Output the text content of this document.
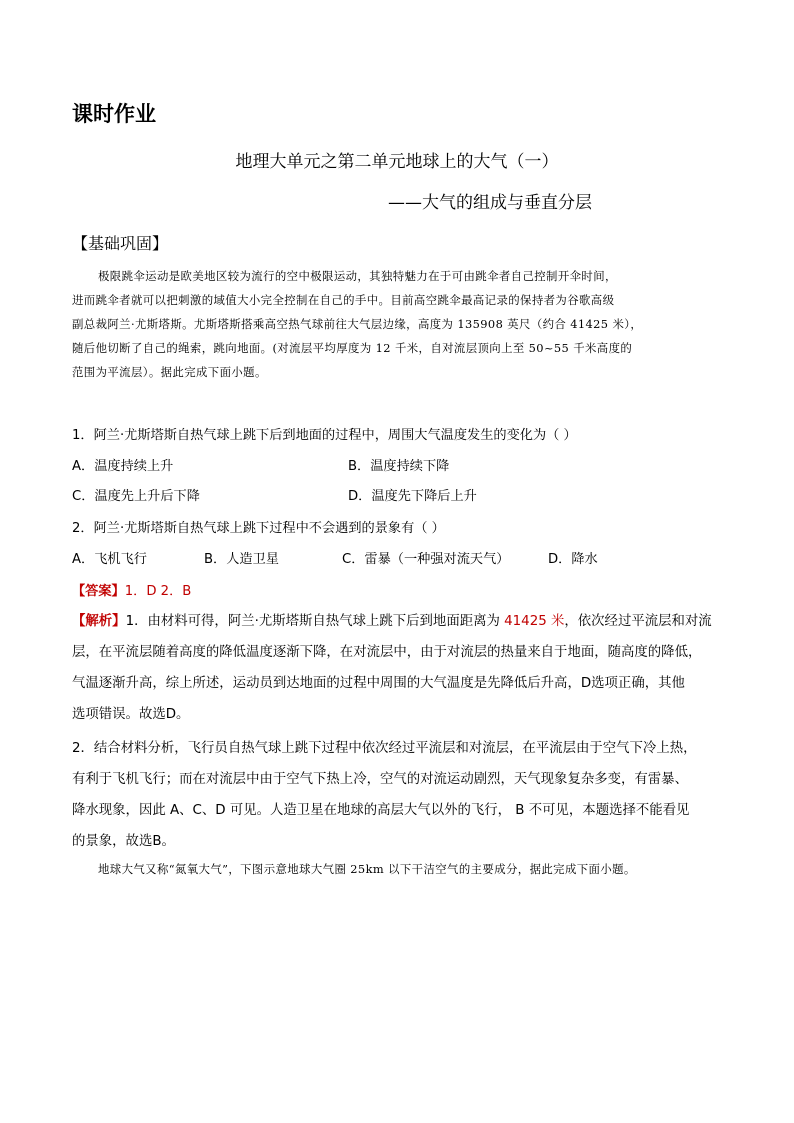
课时作业
地理大单元之第二单元地球上的大气（一）
——大气的组成与垂直分层
【基础巩固】

极限跳伞运动是欧美地区较为流行的空中极限运动，其独特魅力在于可由跳伞者自己控制开伞时间，

进而跳伞者就可以把刺激的域值大小完全控制在自己的手中。目前高空跳伞最高记录的保持者为谷歌高级

副总裁阿兰·尤斯塔斯。尤斯塔斯搭乘高空热气球前往大气层边缘，高度为 135908 英尺（约合 41425 米），

随后他切断了自己的绳索，跳向地面。(对流层平均厚度为 12 千米，自对流层顶向上至 50~55 千米高度的

范围为平流层）。据此完成下面小题。

1．阿兰·尤斯塔斯自热气球上跳下后到地面的过程中，周围大气温度发生的变化为（ ）
A．温度持续上升	B．温度持续下降
C．温度先上升后下降	D．温度先下降后上升
2．阿兰·尤斯塔斯自热气球上跳下过程中不会遇到的景象有（ ）
A．飞机飞行	B．人造卫星	C．雷暴（一种强对流天气）	D．降水
【答案】1．D 2．B

【解析】1．由材料可得，阿兰·尤斯塔斯自热气球上跳下后到地面距离为 41425 米，依次经过平流层和对流

层，在平流层随着高度的降低温度逐渐下降，在对流层中，由于对流层的热量来自于地面，随高度的降低，

气温逐渐升高，综上所述，运动员到达地面的过程中周围的大气温度是先降低后升高，D选项正确，其他

选项错误。故选D。

2．结合材料分析，飞行员自热气球上跳下过程中依次经过平流层和对流层，在平流层由于空气下冷上热，

有利于飞机飞行；而在对流层中由于空气下热上冷，空气的对流运动剧烈，天气现象复杂多变，有雷暴、

降水现象，因此 A、C、D 可见。人造卫星在地球的高层大气以外的飞行， B 不可见，本题选择不能看见

的景象，故选B。

地球大气又称“氮氧大气”，下图示意地球大气圈 25km 以下干洁空气的主要成分，据此完成下面小题。
